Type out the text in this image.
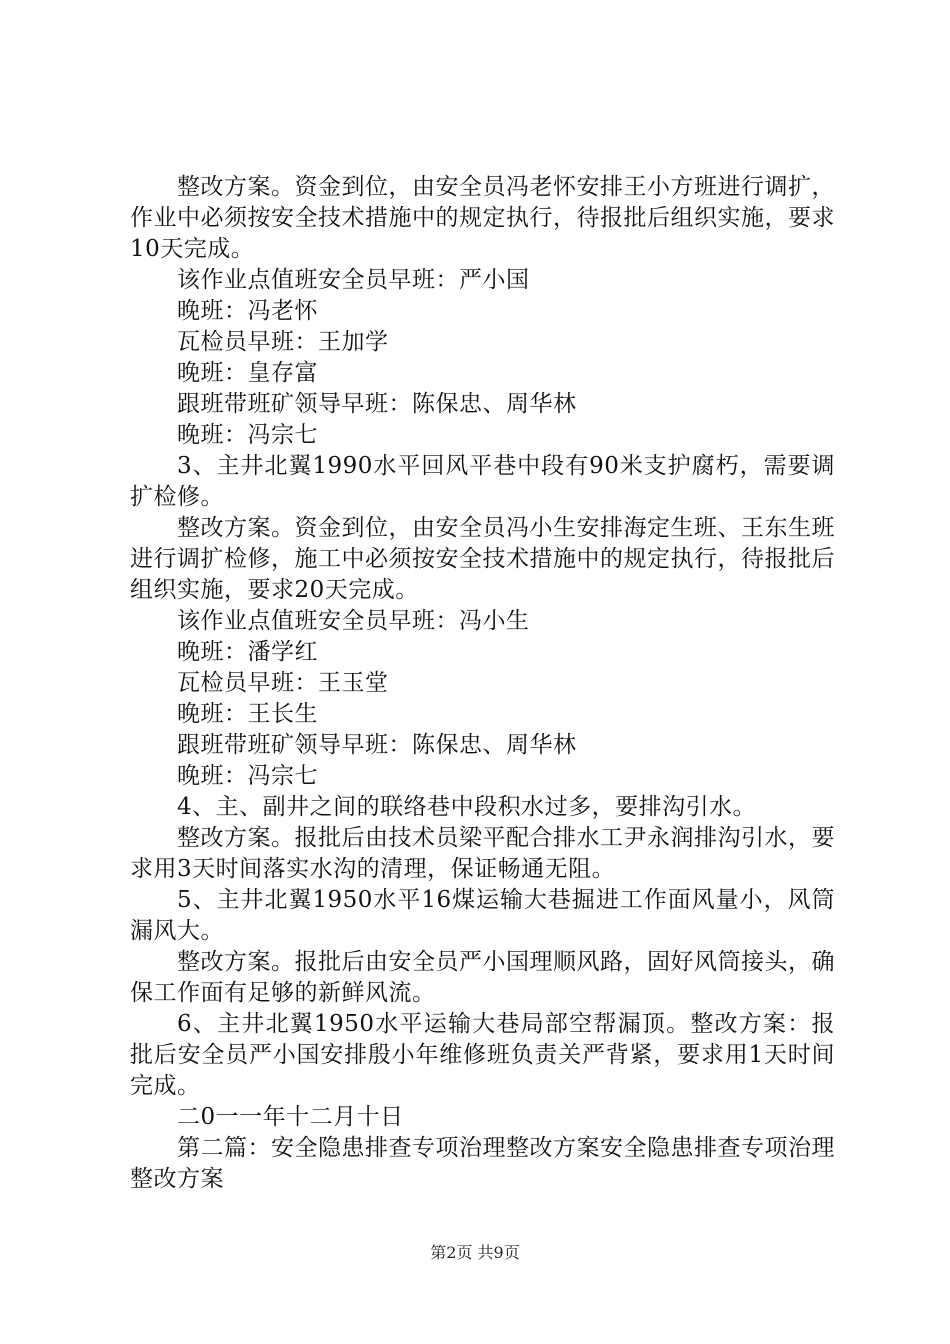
整改方案。资金到位，由安全员冯老怀安排王小方班进行调扩，作业中必须按安全技术措施中的规定执行，待报批后组织实施，要求10天完成。

该作业点值班安全员早班：严小国

晚班：冯老怀

瓦检员早班：王加学

晚班：皇存富

跟班带班矿领导早班：陈保忠、周华林

晚班：冯宗七

3、主井北翼1990水平回风平巷中段有90米支护腐朽，需要调扩检修。

整改方案。资金到位，由安全员冯小生安排海定生班、王东生班进行调扩检修，施工中必须按安全技术措施中的规定执行，待报批后组织实施，要求20天完成。

该作业点值班安全员早班：冯小生

晚班：潘学红

瓦检员早班：王玉堂

晚班：王长生

跟班带班矿领导早班：陈保忠、周华林

晚班：冯宗七

4、主、副井之间的联络巷中段积水过多，要排沟引水。

整改方案。报批后由技术员梁平配合排水工尹永润排沟引水，要求用3天时间落实水沟的清理，保证畅通无阻。

5、主井北翼1950水平16煤运输大巷掘进工作面风量小，风筒漏风大。

整改方案。报批后由安全员严小国理顺风路，固好风筒接头，确保工作面有足够的新鲜风流。

6、主井北翼1950水平运输大巷局部空帮漏顶。整改方案：报批后安全员严小国安排殷小年维修班负责关严背紧，要求用1天时间完成。

二0一一年十二月十日

第二篇：安全隐患排查专项治理整改方案安全隐患排查专项治理整改方案

第2页 共9页
